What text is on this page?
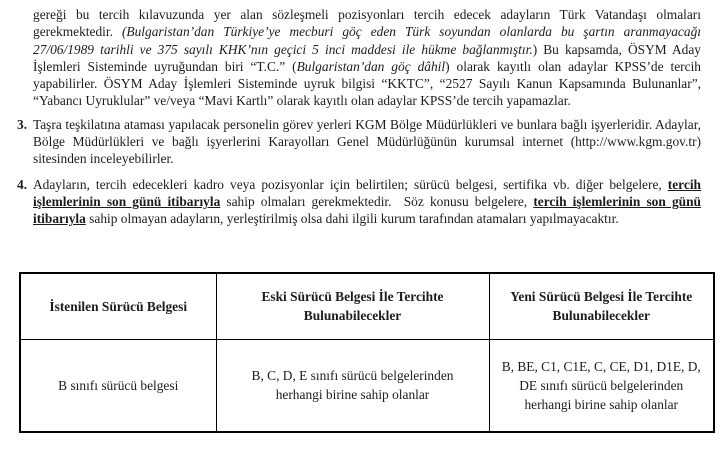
gereği bu tercih kılavuzunda yer alan sözleşmeli pozisyonları tercih edecek adayların Türk Vatandaşı olmaları gerekmektedir. (Bulgaristan’dan Türkiye’ye mecburi göç eden Türk soyundan olanlarda bu şartın aranmayacağı 27/06/1989 tarihli ve 375 sayılı KHK’nın geçici 5 inci maddesi ile hükme bağlanmıştır.) Bu kapsamda, ÖSYM Aday İşlemleri Sisteminde uyruğundan biri “T.C.” (Bulgaristan’dan göç dâhil) olarak kayıtlı olan adaylar KPSS’de tercih yapabilirler. ÖSYM Aday İşlemleri Sisteminde uyruk bilgisi “KKTC”, “2527 Sayılı Kanun Kapsamında Bulunanlar”, “Yabancı Uyruklular” ve/veya “Mavi Kartlı” olarak kayıtlı olan adaylar KPSS’de tercih yapamazlar.
3. Taşra teşkilatına ataması yapılacak personelin görev yerleri KGM Bölge Müdürlükleri ve bunlara bağlı işyerleridir. Adaylar, Bölge Müdürlükleri ve bağlı işyerlerini Karayolları Genel Müdürlüğünün kurumsal internet (http://www.kgm.gov.tr) sitesinden inceleyebilirler.
4. Adayların, tercih edecekleri kadro veya pozisyonlar için belirtilen; sürücü belgesi, sertifika vb. diğer belgelere, tercih işlemlerinin son günü itibarıyla sahip olmaları gerekmektedir.  Söz konusu belgelere, tercih işlemlerinin son günü itibarıyla sahip olmayan adayların, yerleştirilmiş olsa dahi ilgili kurum tarafından atamaları yapılmayacaktır.
İstenilen Sürücü Belgesi	Eski Sürücü Belgesi İle Tercihte Bulunabilecekler	Yeni Sürücü Belgesi İle Tercihte Bulunabilecekler
B sınıfı sürücü belgesi	B, C, D, E sınıfı sürücü belgelerinden herhangi birine sahip olanlar	B, BE, C1, C1E, C, CE, D1, D1E, D, DE sınıfı sürücü belgelerinden herhangi birine sahip olanlar
